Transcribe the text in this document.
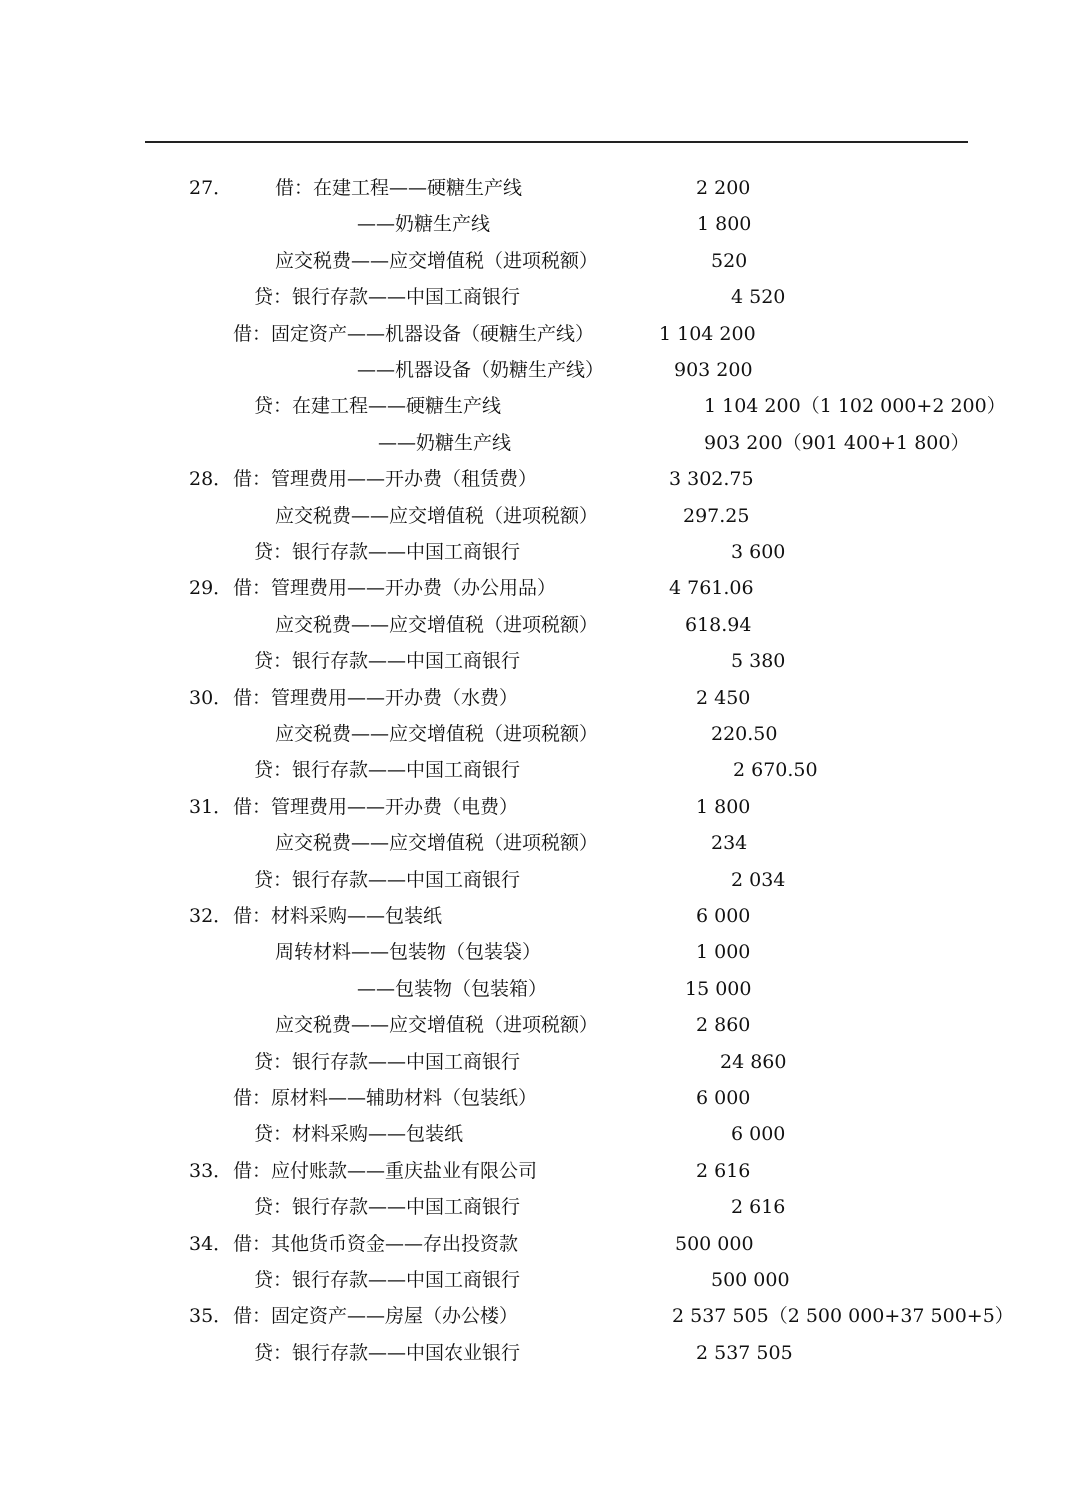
27． 借：在建工程——硬糖生产线	2 200
——奶糖生产线	1 800
应交税费——应交增值税（进项税额）	520
贷：银行存款——中国工商银行	4 520
借：固定资产——机器设备（硬糖生产线）	1 104 200
——机器设备（奶糖生产线）	903 200
贷：在建工程——硬糖生产线	1 104 200（1 102 000+2 200）
——奶糖生产线	903 200（901 400+1 800）
28． 借：管理费用——开办费（租赁费）	3 302.75
应交税费——应交增值税（进项税额）	297.25
贷：银行存款——中国工商银行	3 600
29． 借：管理费用——开办费（办公用品）	4 761.06
应交税费——应交增值税（进项税额）	618.94
贷：银行存款——中国工商银行	5 380
30． 借：管理费用——开办费（水费）	2 450
应交税费——应交增值税（进项税额）	220.50
贷：银行存款——中国工商银行	2 670.50
31． 借：管理费用——开办费（电费）	1 800
应交税费——应交增值税（进项税额）	234
贷：银行存款——中国工商银行	2 034
32． 借：材料采购——包装纸	6 000
周转材料——包装物（包装袋）	1 000
——包装物（包装箱）	15 000
应交税费——应交增值税（进项税额）	2 860
贷：银行存款——中国工商银行	24 860
借：原材料——辅助材料（包装纸）	6 000
贷：材料采购——包装纸	6 000
33． 借：应付账款——重庆盐业有限公司	2 616
贷：银行存款——中国工商银行	2 616
34． 借：其他货币资金——存出投资款	500 000
贷：银行存款——中国工商银行	500 000
35． 借：固定资产——房屋（办公楼）	2 537 505（2 500 000+37 500+5）
贷：银行存款——中国农业银行	2 537 505
